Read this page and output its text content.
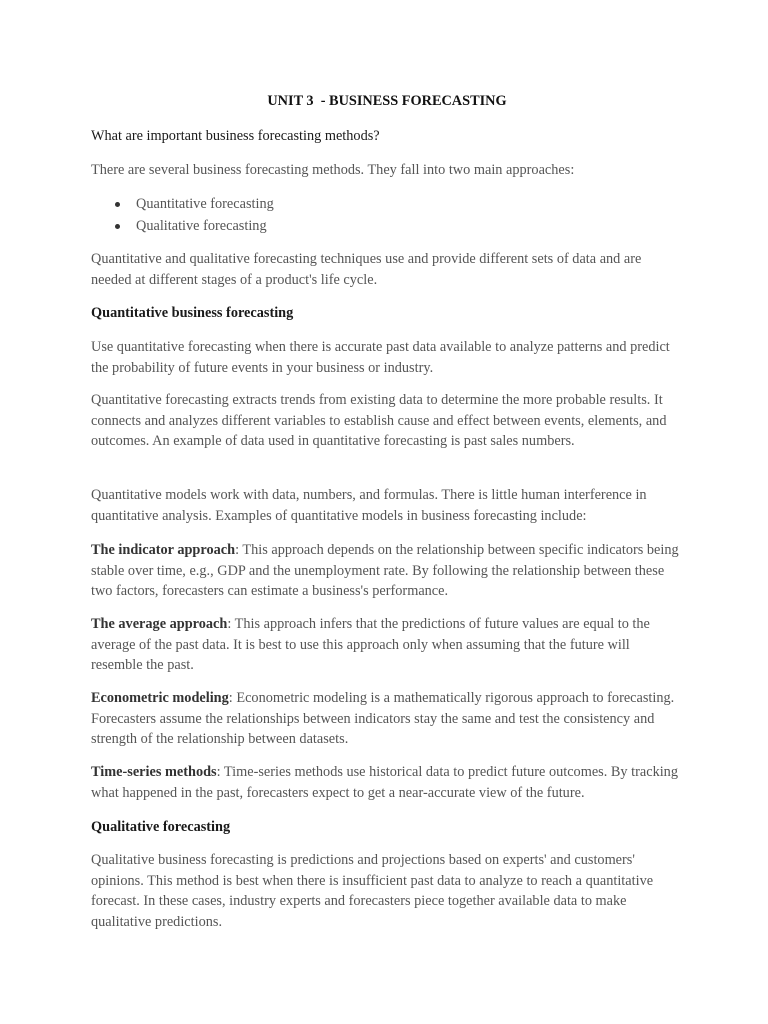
UNIT 3  - BUSINESS FORECASTING

What are important business forecasting methods?

There are several business forecasting methods. They fall into two main approaches:

Quantitative forecasting
Qualitative forecasting

Quantitative and qualitative forecasting techniques use and provide different sets of data and are needed at different stages of a product's life cycle.

Quantitative business forecasting

Use quantitative forecasting when there is accurate past data available to analyze patterns and predict the probability of future events in your business or industry.

Quantitative forecasting extracts trends from existing data to determine the more probable results. It connects and analyzes different variables to establish cause and effect between events, elements, and outcomes. An example of data used in quantitative forecasting is past sales numbers.

Quantitative models work with data, numbers, and formulas. There is little human interference in quantitative analysis. Examples of quantitative models in business forecasting include:

The indicator approach: This approach depends on the relationship between specific indicators being stable over time, e.g., GDP and the unemployment rate. By following the relationship between these two factors, forecasters can estimate a business's performance.

The average approach: This approach infers that the predictions of future values are equal to the average of the past data. It is best to use this approach only when assuming that the future will resemble the past.

Econometric modeling: Econometric modeling is a mathematically rigorous approach to forecasting. Forecasters assume the relationships between indicators stay the same and test the consistency and strength of the relationship between datasets.

Time-series methods: Time-series methods use historical data to predict future outcomes. By tracking what happened in the past, forecasters expect to get a near-accurate view of the future.

Qualitative forecasting

Qualitative business forecasting is predictions and projections based on experts' and customers' opinions. This method is best when there is insufficient past data to analyze to reach a quantitative forecast. In these cases, industry experts and forecasters piece together available data to make qualitative predictions.
